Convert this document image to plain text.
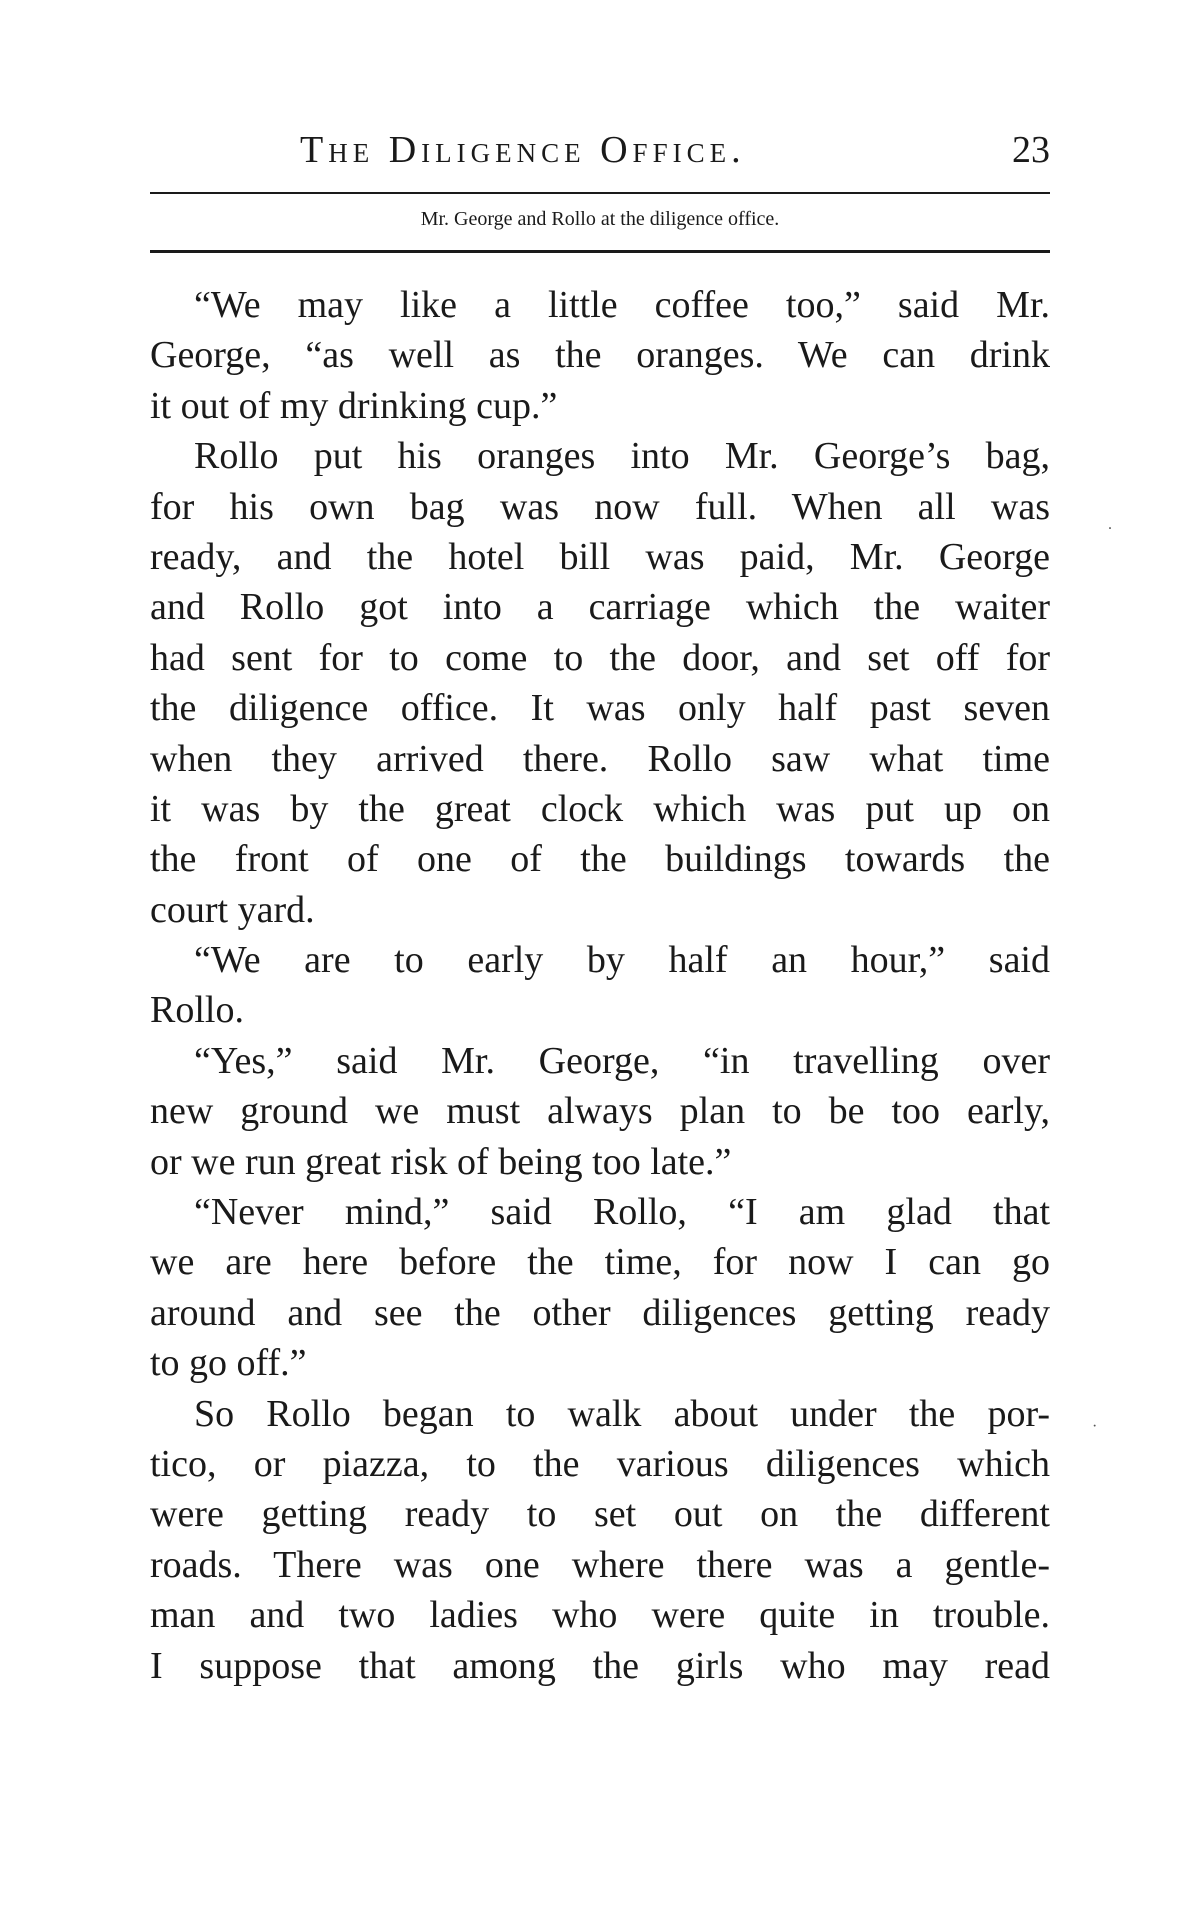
The Diligence Office.	23
Mr. George and Rollo at the diligence office.
“We may like a little coffee too,” said Mr.
George, “as well as the oranges. We can drink
it out of my drinking cup.”
Rollo put his oranges into Mr. George’s bag,
for his own bag was now full. When all was
ready, and the hotel bill was paid, Mr. George
and Rollo got into a carriage which the waiter
had sent for to come to the door, and set off for
the diligence office. It was only half past seven
when they arrived there. Rollo saw what time
it was by the great clock which was put up on
the front of one of the buildings towards the
court yard.
“We are to early by half an hour,” said
Rollo.
“Yes,” said Mr. George, “in travelling over
new ground we must always plan to be too early,
or we run great risk of being too late.”
“Never mind,” said Rollo, “I am glad that
we are here before the time, for now I can go
around and see the other diligences getting ready
to go off.”
So Rollo began to walk about under the por-
tico, or piazza, to the various diligences which
were getting ready to set out on the different
roads. There was one where there was a gentle-
man and two ladies who were quite in trouble.
I suppose that among the girls who may read
.
·
